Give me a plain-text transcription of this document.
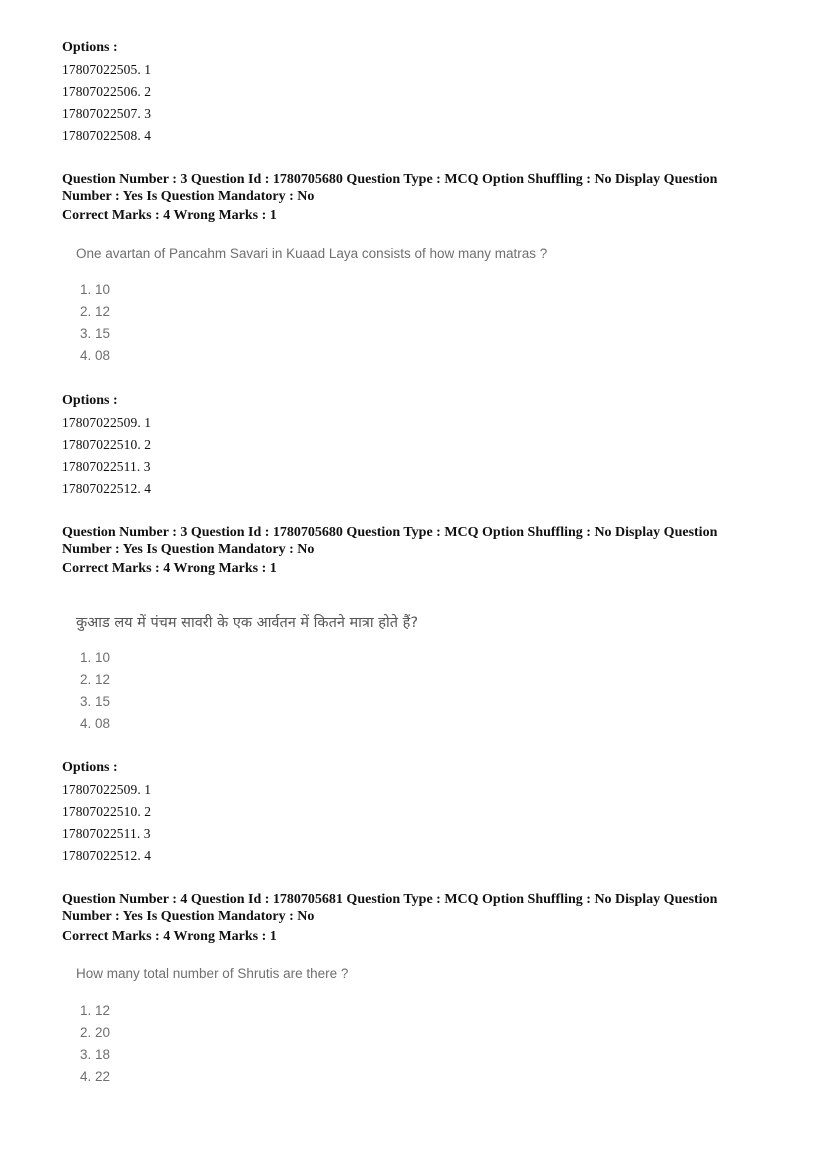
Options :
17807022505. 1
17807022506. 2
17807022507. 3
17807022508. 4
Question Number : 3 Question Id : 1780705680 Question Type : MCQ Option Shuffling : No Display Question
Number : Yes Is Question Mandatory : No
Correct Marks : 4 Wrong Marks : 1
One avartan of Pancahm Savari in Kuaad Laya consists of how many matras ?
1. 10
2. 12
3. 15
4. 08
Options :
17807022509. 1
17807022510. 2
17807022511. 3
17807022512. 4
Question Number : 3 Question Id : 1780705680 Question Type : MCQ Option Shuffling : No Display Question
Number : Yes Is Question Mandatory : No
Correct Marks : 4 Wrong Marks : 1
कुआड लय में पंचम सावरी के एक आर्वतन में कितने मात्रा होते हैं?
1. 10
2. 12
3. 15
4. 08
Options :
17807022509. 1
17807022510. 2
17807022511. 3
17807022512. 4
Question Number : 4 Question Id : 1780705681 Question Type : MCQ Option Shuffling : No Display Question
Number : Yes Is Question Mandatory : No
Correct Marks : 4 Wrong Marks : 1
How many total number of Shrutis are there ?
1. 12
2. 20
3. 18
4. 22
